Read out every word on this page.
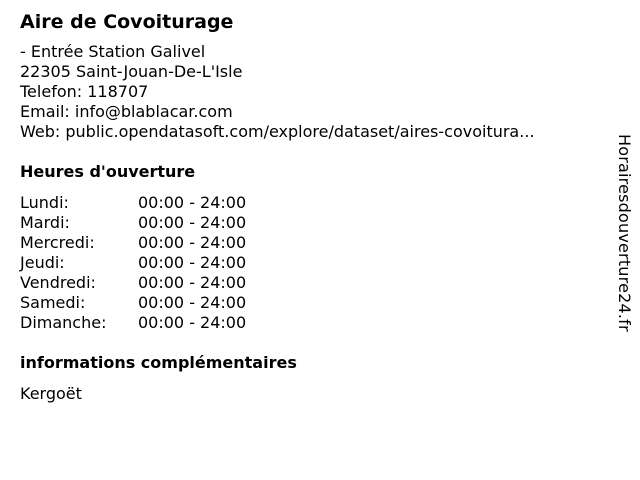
Aire de Covoiturage
- Entrée Station Galivel
22305 Saint-Jouan-De-L'Isle
Telefon: 118707
Email: info@blablacar.com
Web: public.opendatasoft.com/explore/dataset/aires-covoitura...
Heures d'ouverture
Lundi:	00:00 - 24:00
Mardi:	00:00 - 24:00
Mercredi:	00:00 - 24:00
Jeudi:	00:00 - 24:00
Vendredi:	00:00 - 24:00
Samedi:	00:00 - 24:00
Dimanche:	00:00 - 24:00
informations complémentaires
Kergoët
Horairesdouverture24.fr
